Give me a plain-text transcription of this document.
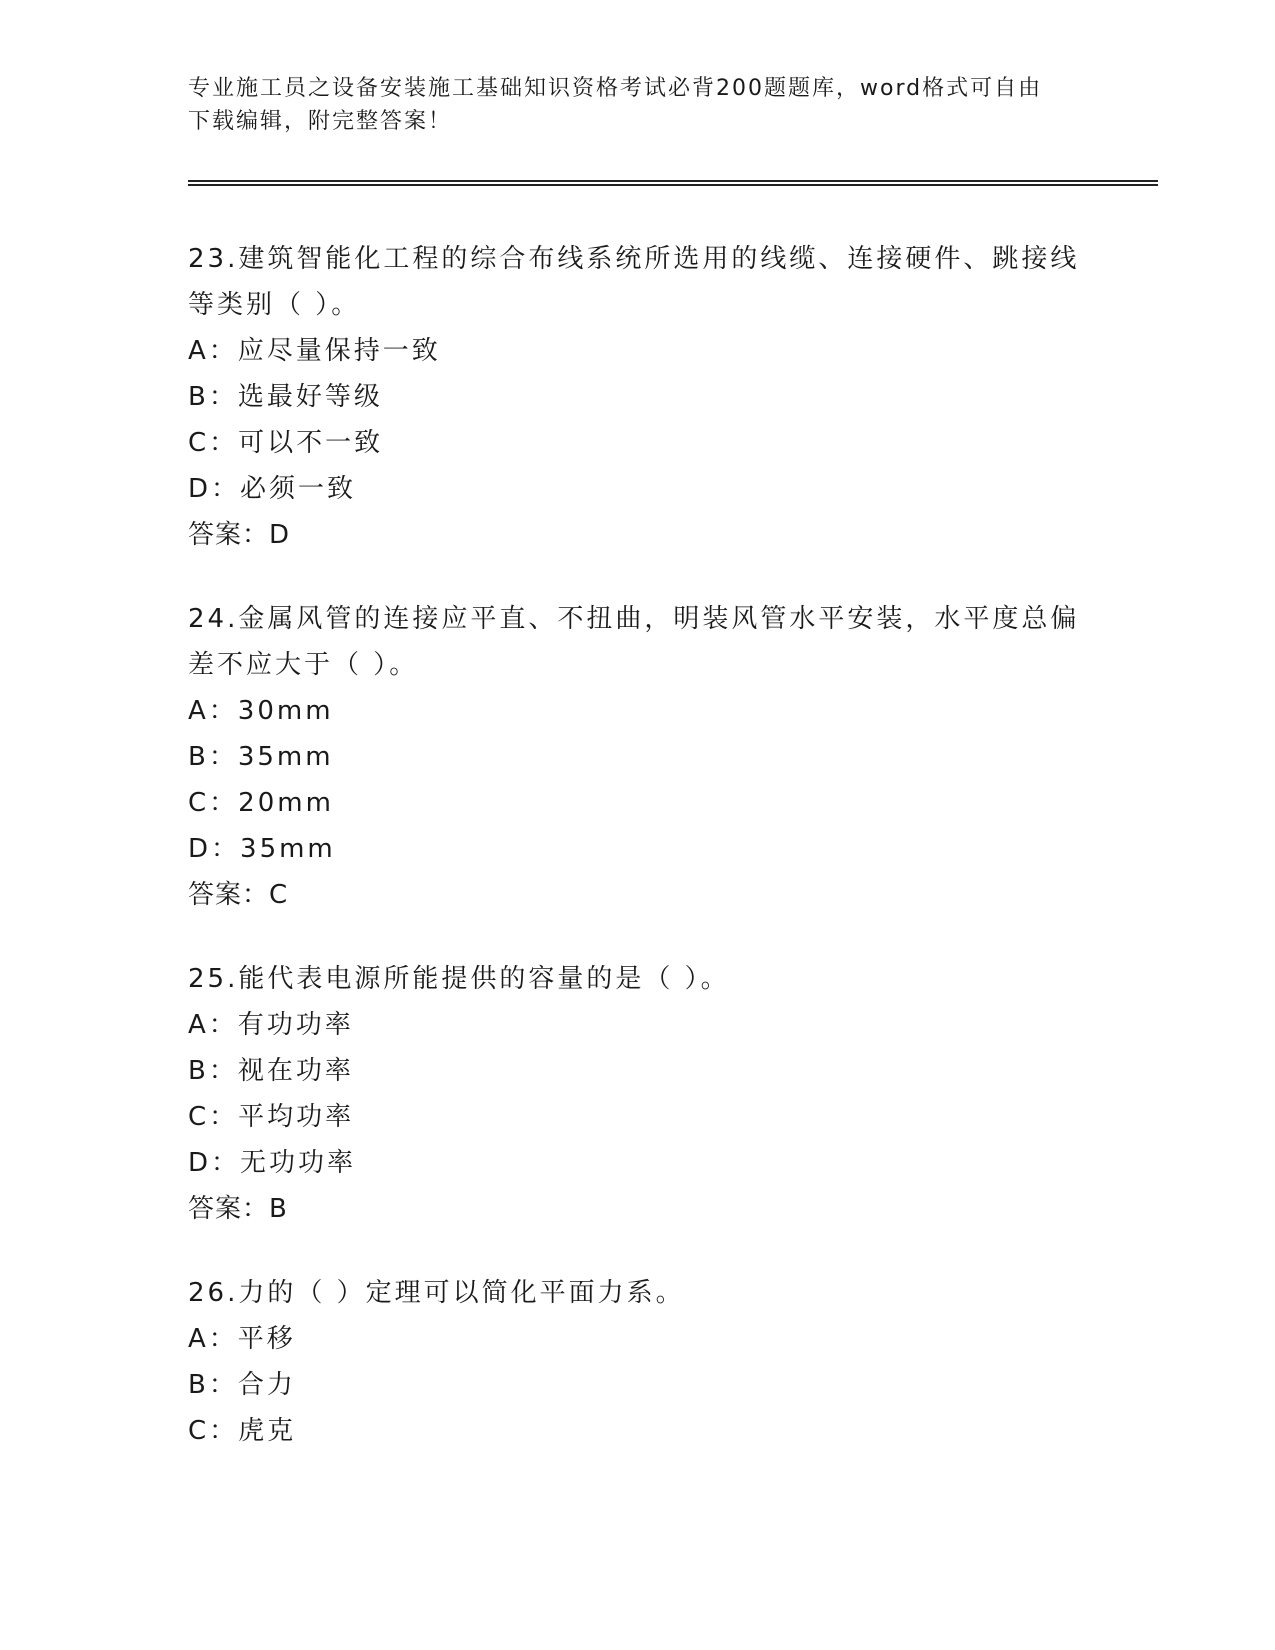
专业施工员之设备安装施工基础知识资格考试必背200题题库，word格式可自由
下载编辑，附完整答案！

23.建筑智能化工程的综合布线系统所选用的线缆、连接硬件、跳接线
等类别（ ）。

A：应尽量保持一致

B：选最好等级

C：可以不一致

D：必须一致

答案：D

24.金属风管的连接应平直、不扭曲，明装风管水平安装，水平度总偏
差不应大于（ ）。

A：30mm

B：35mm

C：20mm

D：35mm

答案：C

25.能代表电源所能提供的容量的是（ ）。

A：有功功率

B：视在功率

C：平均功率

D：无功功率

答案：B

26.力的（ ）定理可以简化平面力系。

A：平移

B：合力

C：虎克
